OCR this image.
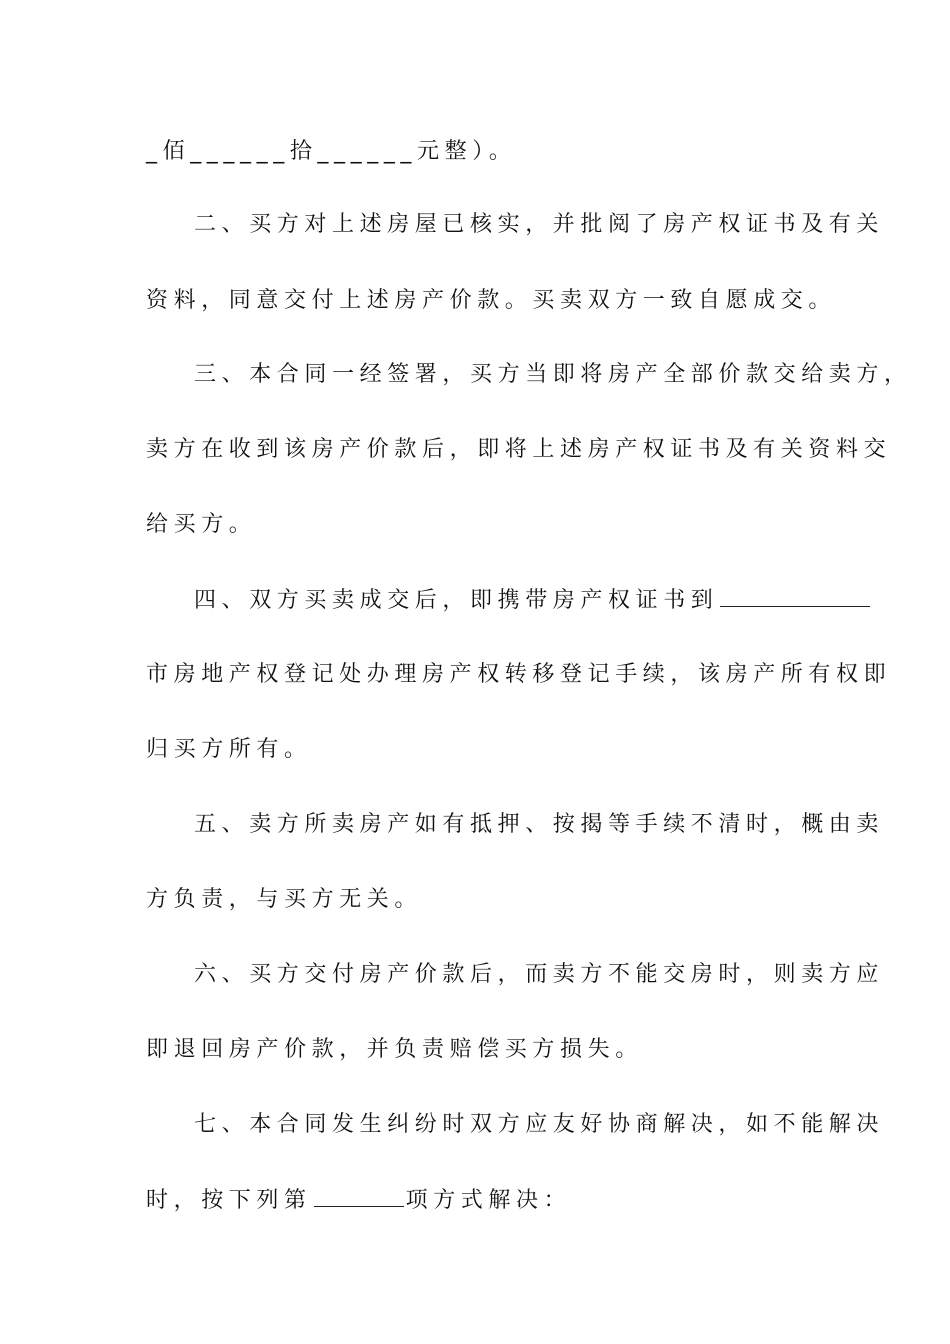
_佰______拾______元整）。
二、买方对上述房屋已核实，并批阅了房产权证书及有关
资料，同意交付上述房产价款。买卖双方一致自愿成交。
三、本合同一经签署，买方当即将房产全部价款交给卖方，
卖方在收到该房产价款后，即将上述房产权证书及有关资料交
给买方。
四、双方买卖成交后，即携带房产权证书到
市房地产权登记处办理房产权转移登记手续，该房产所有权即
归买方所有。
五、卖方所卖房产如有抵押、按揭等手续不清时，概由卖
方负责，与买方无关。
六、买方交付房产价款后，而卖方不能交房时，则卖方应
即退回房产价款，并负责赔偿买方损失。
七、本合同发生纠纷时双方应友好协商解决，如不能解决
时，按下列第	项方式解决：
